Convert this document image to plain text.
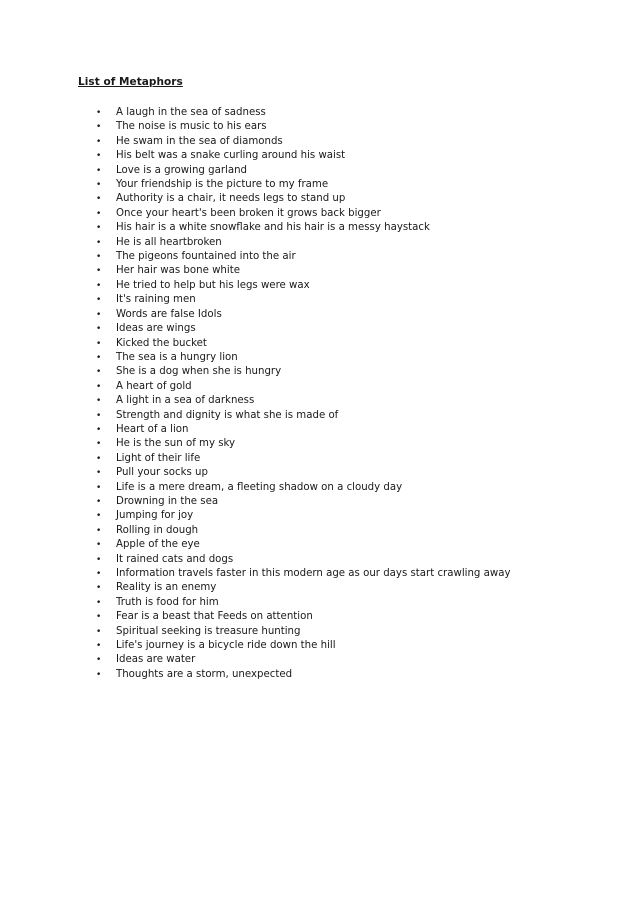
List of Metaphors
• A laugh in the sea of sadness
• The noise is music to his ears
• He swam in the sea of diamonds
• His belt was a snake curling around his waist
• Love is a growing garland
• Your friendship is the picture to my frame
• Authority is a chair, it needs legs to stand up
• Once your heart's been broken it grows back bigger
• His hair is a white snowflake and his hair is a messy haystack
• He is all heartbroken
• The pigeons fountained into the air
• Her hair was bone white
• He tried to help but his legs were wax
• It's raining men
• Words are false Idols
• Ideas are wings
• Kicked the bucket
• The sea is a hungry lion
• She is a dog when she is hungry
• A heart of gold
• A light in a sea of darkness
• Strength and dignity is what she is made of
• Heart of a lion
• He is the sun of my sky
• Light of their life
• Pull your socks up
• Life is a mere dream, a fleeting shadow on a cloudy day
• Drowning in the sea
• Jumping for joy
• Rolling in dough
• Apple of the eye
• It rained cats and dogs
• Information travels faster in this modern age as our days start crawling away
• Reality is an enemy
• Truth is food for him
• Fear is a beast that Feeds on attention
• Spiritual seeking is treasure hunting
• Life's journey is a bicycle ride down the hill
• Ideas are water
• Thoughts are a storm, unexpected
